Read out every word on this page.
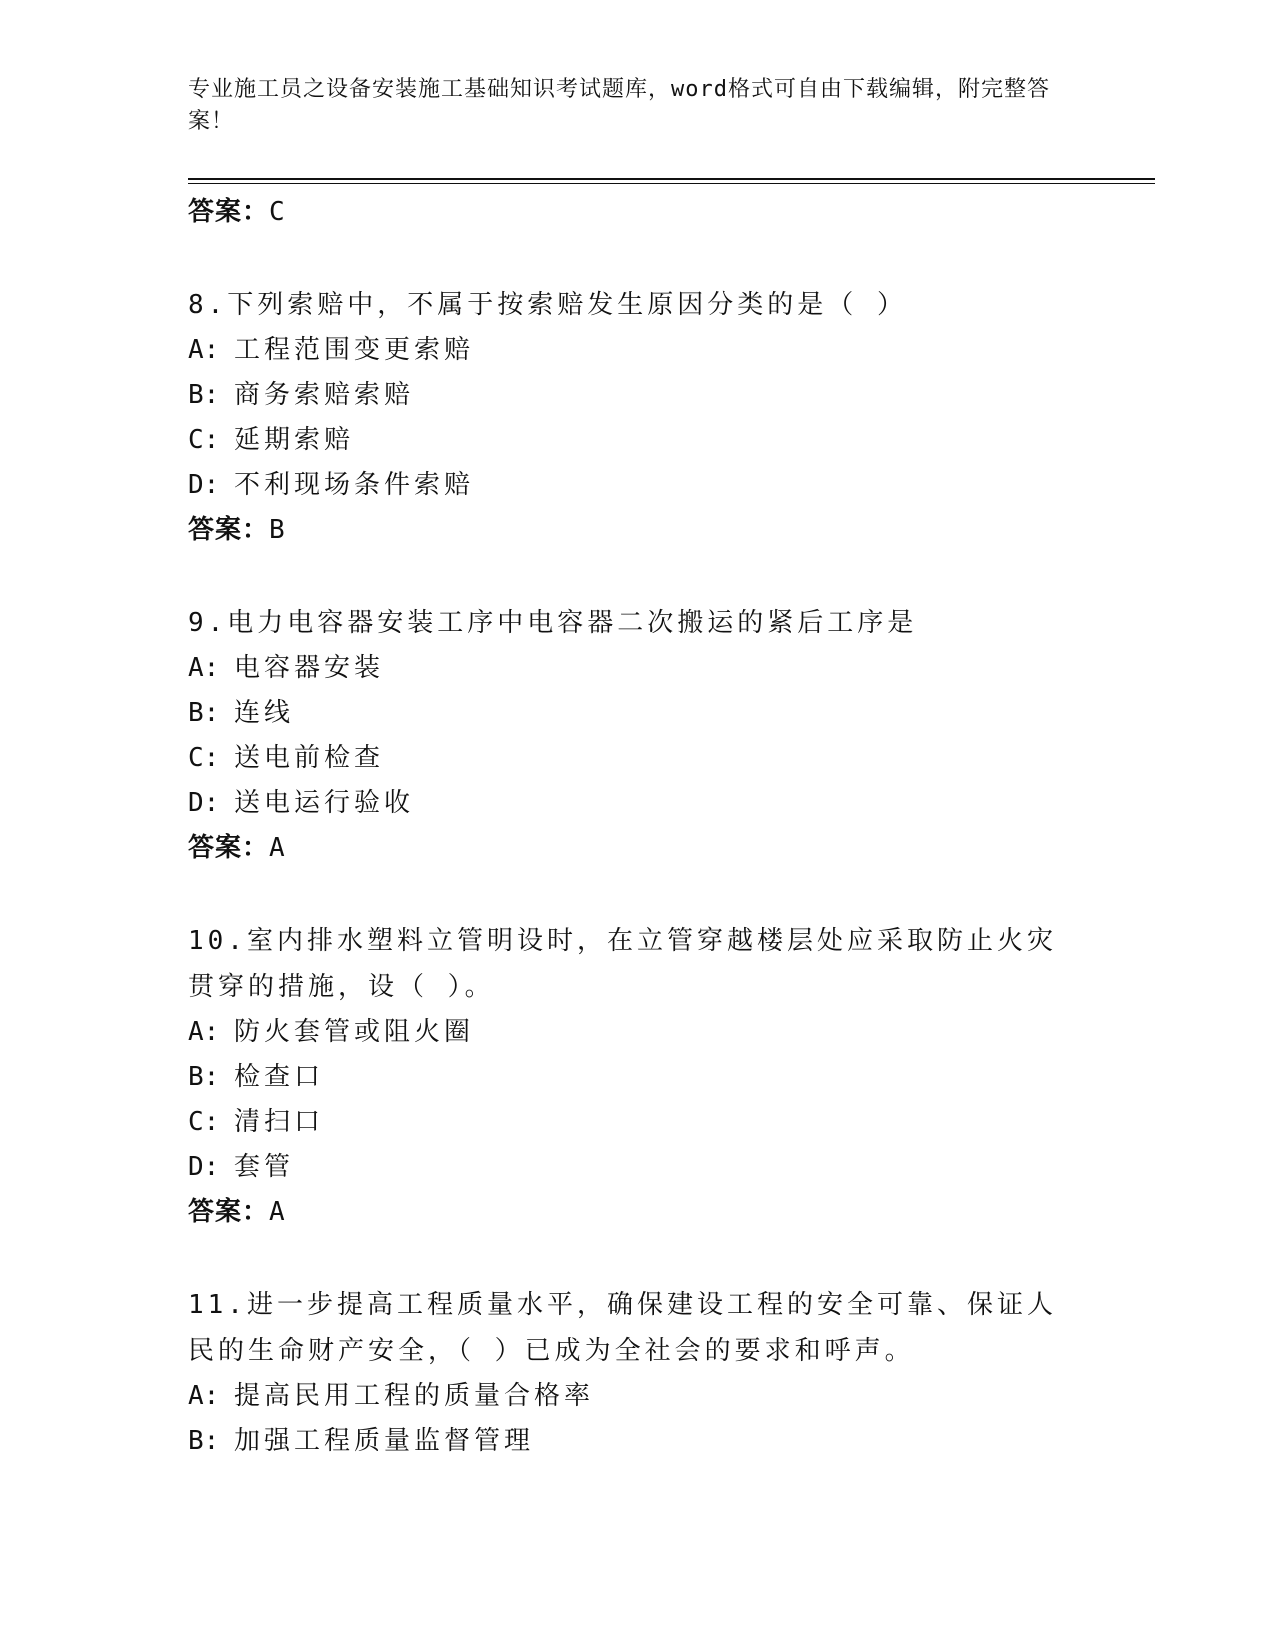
专业施工员之设备安装施工基础知识考试题库，word格式可自由下载编辑，附完整答案！
答案：C
8.下列索赔中，不属于按索赔发生原因分类的是（ ）
A: 工程范围变更索赔
B: 商务索赔索赔
C: 延期索赔
D: 不利现场条件索赔
答案：B
9.电力电容器安装工序中电容器二次搬运的紧后工序是
A: 电容器安装
B: 连线
C: 送电前检查
D: 送电运行验收
答案：A
10.室内排水塑料立管明设时，在立管穿越楼层处应采取防止火灾贯穿的措施，设（ ）。
A: 防火套管或阻火圈
B: 检查口
C: 清扫口
D: 套管
答案：A
11.进一步提高工程质量水平，确保建设工程的安全可靠、保证人民的生命财产安全，（ ）已成为全社会的要求和呼声。
A: 提高民用工程的质量合格率
B: 加强工程质量监督管理
